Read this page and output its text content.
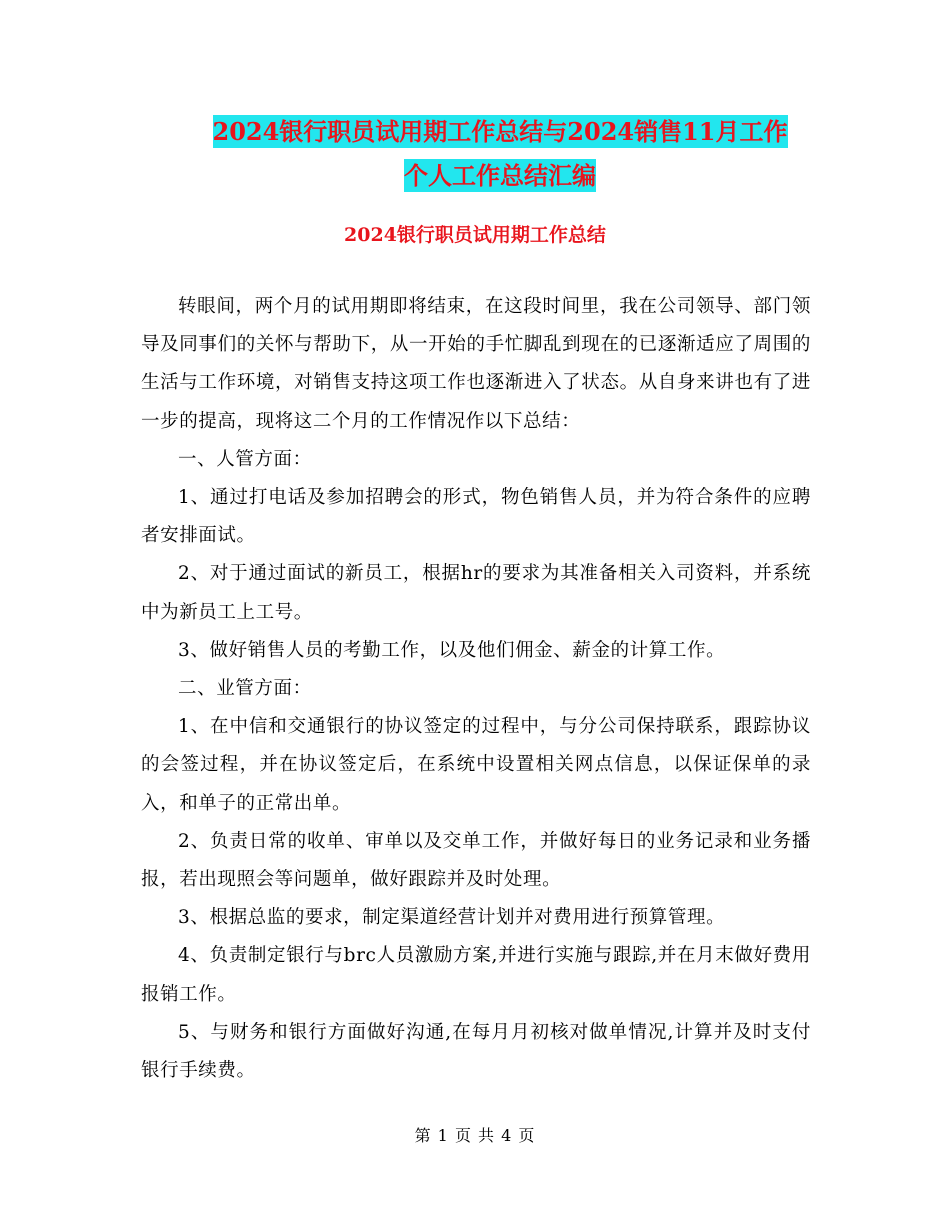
2024银行职员试用期工作总结与2024销售11月工作
个人工作总结汇编
2024银行职员试用期工作总结

转眼间，两个月的试用期即将结束，在这段时间里，我在公司领导、部门领导及同事们的关怀与帮助下，从一开始的手忙脚乱到现在的已逐渐适应了周围的生活与工作环境，对销售支持这项工作也逐渐进入了状态。从自身来讲也有了进一步的提高，现将这二个月的工作情况作以下总结：

一、人管方面：

1、通过打电话及参加招聘会的形式，物色销售人员，并为符合条件的应聘者安排面试。

2、对于通过面试的新员工，根据hr的要求为其准备相关入司资料，并系统中为新员工上工号。

3、做好销售人员的考勤工作，以及他们佣金、薪金的计算工作。

二、业管方面：

1、在中信和交通银行的协议签定的过程中，与分公司保持联系，跟踪协议的会签过程，并在协议签定后，在系统中设置相关网点信息，以保证保单的录入，和单子的正常出单。

2、负责日常的收单、审单以及交单工作，并做好每日的业务记录和业务播报，若出现照会等问题单，做好跟踪并及时处理。

3、根据总监的要求，制定渠道经营计划并对费用进行预算管理。

4、负责制定银行与brc人员激励方案,并进行实施与跟踪,并在月末做好费用报销工作。

5、与财务和银行方面做好沟通,在每月月初核对做单情况,计算并及时支付银行手续费。

第 1 页 共 4 页
